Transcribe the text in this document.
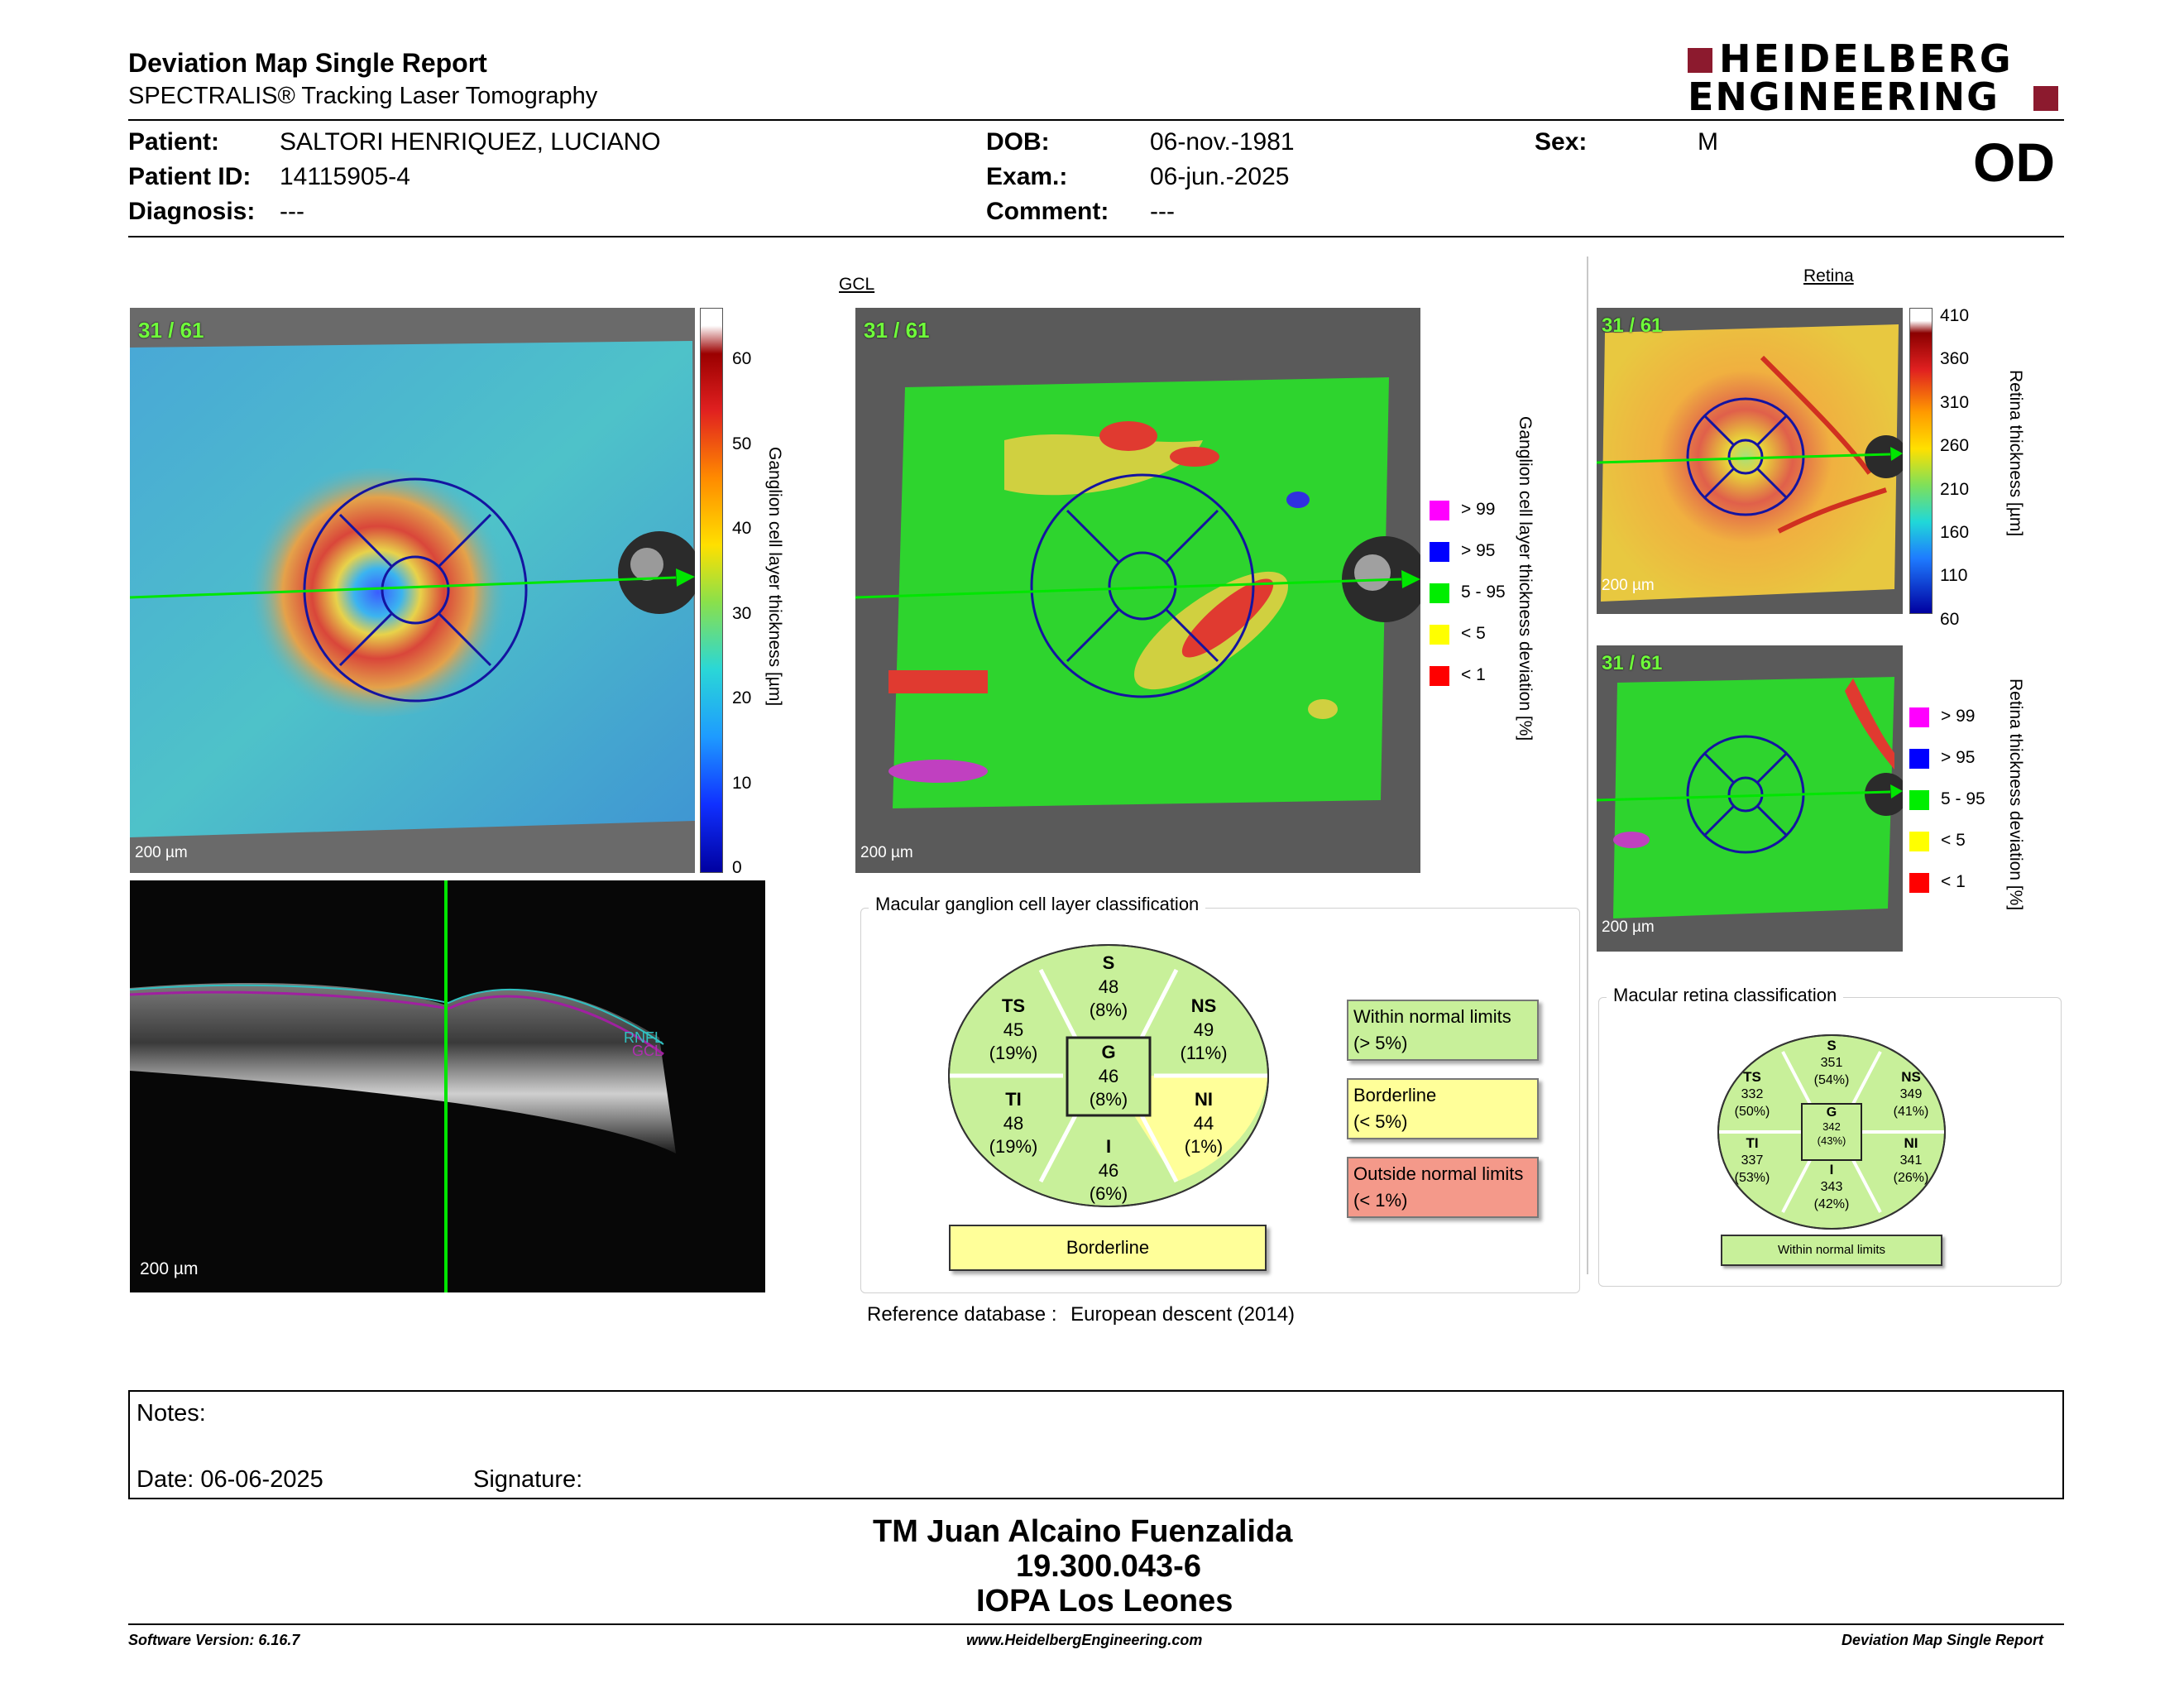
Deviation Map Single Report
SPECTRALIS® Tracking Laser Tomography
HEIDELBERG
ENGINEERING
Patient: SALTORI HENRIQUEZ, LUCIANO
Patient ID: 14115905-4
Diagnosis: ---
DOB:	06-nov.-1981
Exam.:	06-jun.-2025
Comment: ---
Sex:	M	OD
31 / 61
200 µm
60
50
40
30
20
10
0
Ganglion cell layer thickness [µm]
RNFL
GCL
200 µm
GCL
31 / 61
200 µm
> 99
> 95
5 - 95
< 5
< 1 Ganglion cell layer thickness deviation [%]
Macular ganglion cell layer classification
S
48
(8%)
TS
45
(19%)
NS
49
(11%)
G
46
(8%)
TI
48
(19%)
NI
44
(1%)
I
46
(6%)
Borderline
Within normal limits
(> 5%)
Borderline
(< 5%)
Outside normal limits
(< 1%)
Reference database : European descent (2014)
Retina
31 / 61
200 µm
410
360
310
260
210
160
110
60
Retina thickness [µm]
31 / 61
200 µm
> 99
> 95
5 - 95
< 5
< 1 Retina thickness deviation [%]
Macular retina classification
S
351
(54%)
TS
332
(50%)
NS
349
(41%)
G
342
(43%)
TI
337
(53%)
NI
341
(26%)
I
343
(42%)
Within normal limits
Notes:
Date: 06-06-2025	Signature:
TM Juan Alcaino Fuenzalida
19.300.043-6
IOPA Los Leones
Software Version: 6.16.7	www.HeidelbergEngineering.com	Deviation Map Single Report
